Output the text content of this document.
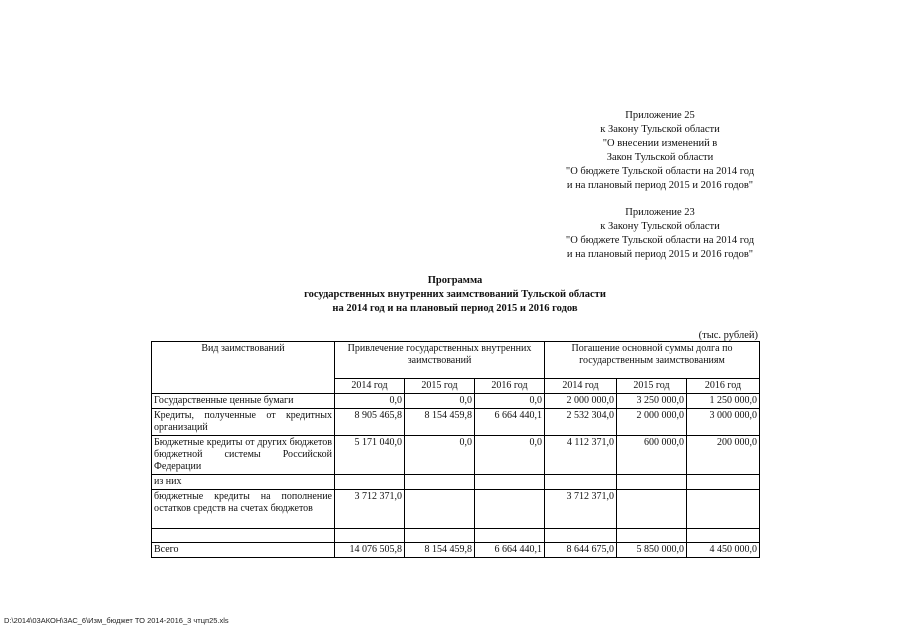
Приложение 25
к Закону Тульской области
"О внесении изменений в
Закон Тульской области
"О бюджете Тульской области на 2014 год
и на плановый период 2015 и 2016 годов"
Приложение 23
к Закону Тульской области
"О бюджете Тульской области на 2014 год
и на плановый период 2015 и 2016 годов"
Программа
государственных внутренних заимствований Тульской области
на 2014 год и на плановый период 2015 и 2016 годов
(тыс. рублей)
Вид заимствований	Привлечение государственных внутренних заимствований			Погашение основной суммы долга по государственным заимствованиям		
	2014 год	2015 год	2016 год	2014 год	2015 год	2016 год
Государственные ценные бумаги	0,0	0,0	0,0	2 000 000,0	3 250 000,0	1 250 000,0
Кредиты, полученные от кредитных организаций	8 905 465,8	8 154 459,8	6 664 440,1	2 532 304,0	2 000 000,0	3 000 000,0
Бюджетные кредиты от других бюджетов бюджетной системы Российской Федерации	5 171 040,0	0,0	0,0	4 112 371,0	600 000,0	200 000,0
из них						
бюджетные кредиты на пополнение остатков средств на счетах бюджетов	3 712 371,0			3 712 371,0		

Всего	14 076 505,8	8 154 459,8	6 664 440,1	8 644 675,0	5 850 000,0	4 450 000,0
D:\2014\03АКОН\3АС_6\Изм_бюджет ТО 2014-2016_3 чтцп25.xls
